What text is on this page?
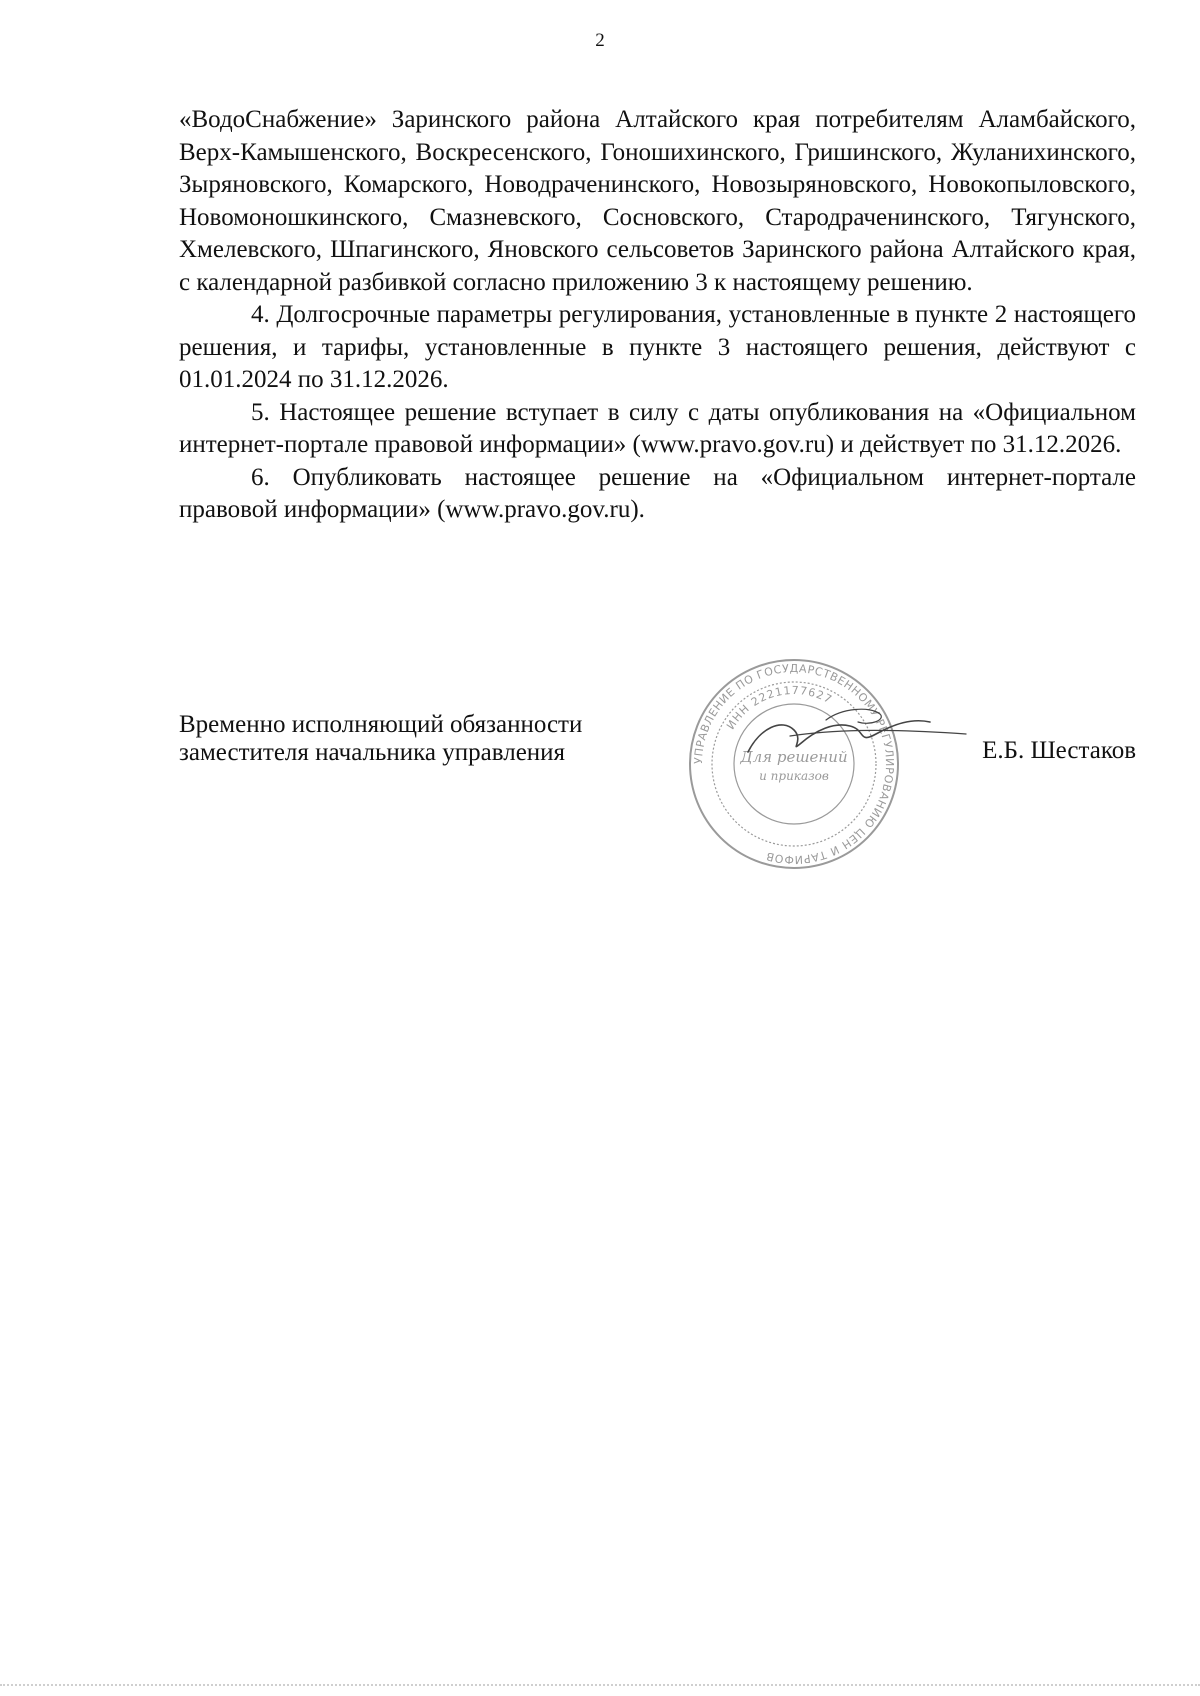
2

«ВодоСнабжение» Заринского района Алтайского края потребителям Аламбайского, Верх-Камышенского, Воскресенского, Гоношихинского, Гришинского, Жуланихинского, Зыряновского, Комарского, Новодраченинского, Новозыряновского, Новокопыловского, Новомоношкинского, Смазневского, Сосновского, Стародраченинского, Тягунского, Хмелевского, Шпагинского, Яновского сельсоветов Заринского района Алтайского края, с календарной разбивкой согласно приложению 3 к настоящему решению.

4. Долгосрочные параметры регулирования, установленные в пункте 2 настоящего решения, и тарифы, установленные в пункте 3 настоящего решения, действуют с 01.01.2024 по 31.12.2026.

5. Настоящее решение вступает в силу с даты опубликования на «Официальном интернет-портале правовой информации» (www.pravo.gov.ru) и действует по 31.12.2026.

6. Опубликовать настоящее решение на «Официальном интернет-портале правовой информации» (www.pravo.gov.ru).

Временно исполняющий обязанности
заместителя начальника управления	УПРАВЛЕНИЕ ПО ГОСУДАРСТВЕННОМУ РЕГУЛИРОВАНИЮ ЦЕН И ТАРИФОВ
ИНН 2221177627
Для решений
и приказов
Е.Б. Шестаков
